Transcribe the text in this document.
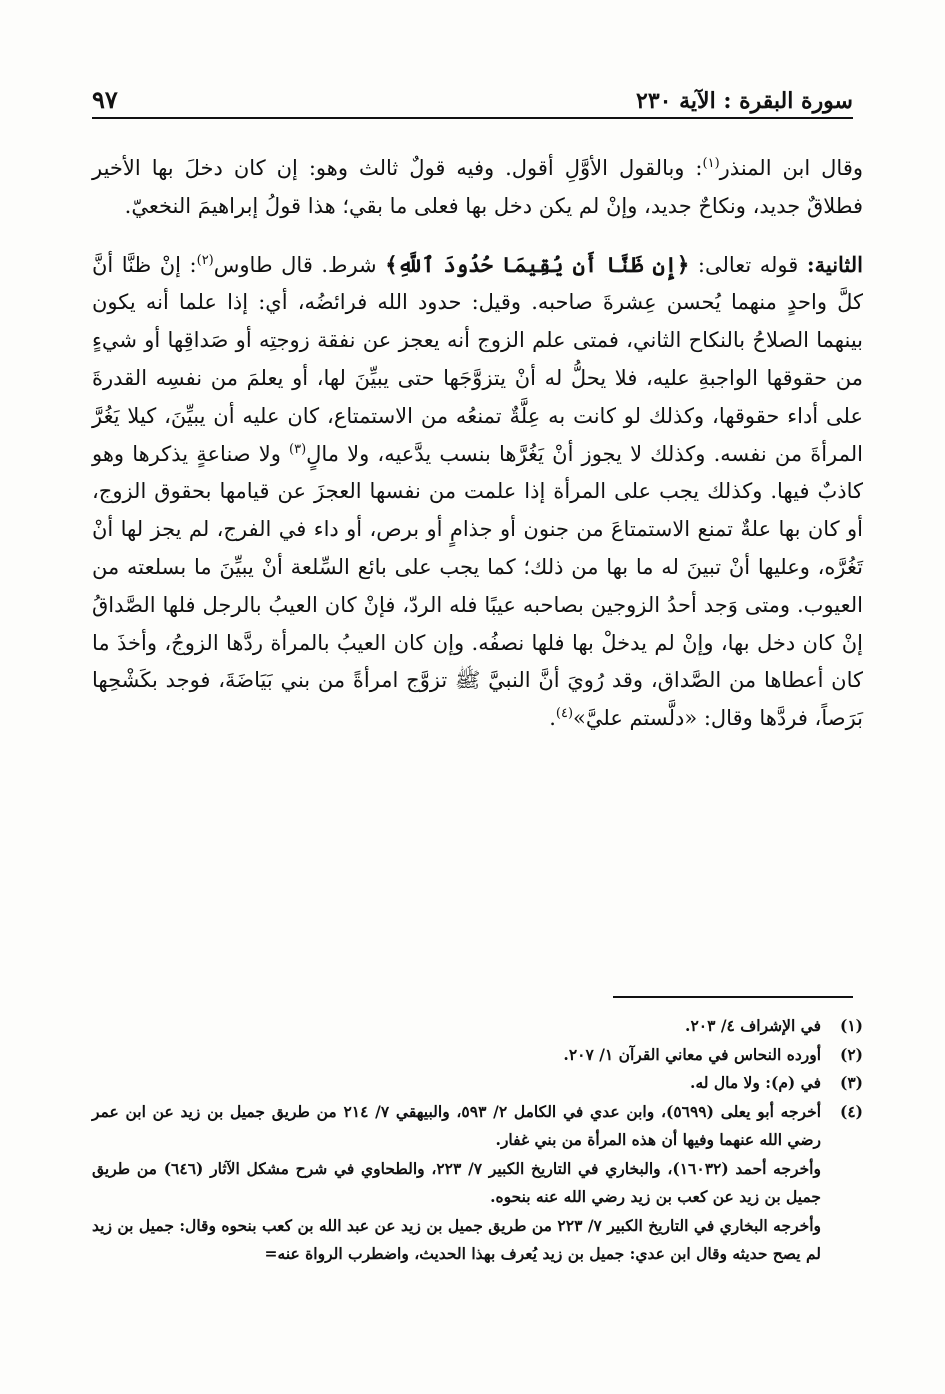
سورة البقرة : الآية ٢٣٠
٩٧

وقال ابن المنذر$^{(١)}$: وبالقول الأوَّلِ أقول. وفيه قولٌ ثالث وهو: إن كان دخلَ بها الأخير فطلاقٌ جديد، ونكاحٌ جديد، وإنْ لم يكن دخل بها فعلى ما بقي؛ هذا قولُ إبراهيمَ النخعيّ.

الثانية: قوله تعالى: ﴿إِن ظَنَّا أَن يُقِيمَا حُدُودَ ٱللَّهِ﴾ شرط. قال طاوس$^{(٢)}$: إنْ ظنَّا أنَّ كلَّ واحدٍ منهما يُحسن عِشرةَ صاحبه. وقيل: حدود الله فرائضُه، أي: إذا علما أنه يكون بينهما الصلاحُ بالنكاح الثاني، فمتى علم الزوج أنه يعجز عن نفقة زوجتِه أو صَداقِها أو شيءٍ من حقوقها الواجبةِ عليه، فلا يحلُّ له أنْ يتزوَّجَها حتى يبيِّنَ لها، أو يعلمَ من نفسِه القدرةَ على أداء حقوقها، وكذلك لو كانت به عِلَّةٌ تمنعُه من الاستمتاع، كان عليه أن يبيِّنَ، كيلا يَغُرَّ المرأةَ من نفسه. وكذلك لا يجوز أنْ يَغُرَّها بنسب يدَّعيه، ولا مالٍ$^{(٣)}$ ولا صناعةٍ يذكرها وهو كاذبٌ فيها. وكذلك يجب على المرأة إذا علمت من نفسها العجزَ عن قيامها بحقوق الزوج، أو كان بها علةٌ تمنع الاستمتاعَ من جنون أو جذامٍ أو برص، أو داء في الفرج، لم يجز لها أنْ تَغُرَّه، وعليها أنْ تبينَ له ما بها من ذلك؛ كما يجب على بائع السِّلعة أنْ يبيِّنَ ما بسلعته من العيوب. ومتى وَجد أحدُ الزوجين بصاحبه عيبًا فله الردّ، فإنْ كان العيبُ بالرجل فلها الصَّداقُ إنْ كان دخل بها، وإنْ لم يدخلْ بها فلها نصفُه. وإن كان العيبُ بالمرأة ردَّها الزوجُ، وأخذَ ما كان أعطاها من الصَّداق، وقد رُويَ أنَّ النبيَّ ﷺ تزوَّج امرأةً من بني بَيَاضَةَ، فوجد بكَشْحِها بَرَصاً، فردَّها وقال: «دلَّستم عليَّ»$^{(٤)}$.

(١)
في الإشراف ٤/ ٢٠٣.
(٢)
أورده النحاس في معاني القرآن ١/ ٢٠٧.
(٣)
في (م): ولا مال له.
(٤)
أخرجه أبو يعلى (٥٦٩٩)، وابن عدي في الكامل ٢/ ٥٩٣، والبيهقي ٧/ ٢١٤ من طريق جميل بن زيد عن ابن عمر رضي الله عنهما وفيها أن هذه المرأة من بني غفار.
وأخرجه أحمد (١٦٠٣٢)، والبخاري في التاريخ الكبير ٧/ ٢٢٣، والطحاوي في شرح مشكل الآثار (٦٤٦) من طريق جميل بن زيد عن كعب بن زيد رضي الله عنه بنحوه.
وأخرجه البخاري في التاريخ الكبير ٧/ ٢٢٣ من طريق جميل بن زيد عن عبد الله بن كعب بنحوه وقال: جميل بن زيد لم يصح حديثه وقال ابن عدي: جميل بن زيد يُعرف بهذا الحديث، واضطرب الرواة عنه=
